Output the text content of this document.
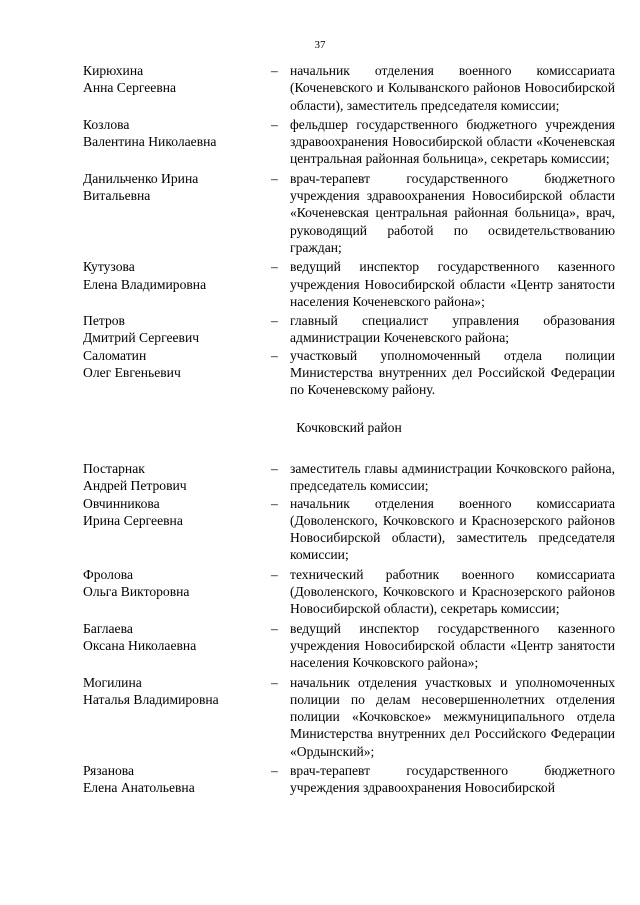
37
Кирюхина
Анна Сергеевна
– начальник отделения военного комиссариата (Коченевского и Колыванского районов Новосибирской области), заместитель председателя комиссии;
Козлова
Валентина Николаевна
– фельдшер государственного бюджетного учреждения здравоохранения Новосибирской области «Коченевская центральная районная больница», секретарь комиссии;
Данильченко Ирина
Витальевна
– врач-терапевт государственного бюджетного учреждения здравоохранения Новосибирской области «Коченевская центральная районная больница», врач, руководящий работой по освидетельствованию граждан;
Кутузова
Елена Владимировна
– ведущий инспектор государственного казенного учреждения Новосибирской области «Центр занятости населения Коченевского района»;
Петров
Дмитрий Сергеевич
– главный специалист управления образования администрации Коченевского района;
Саломатин
Олег Евгеньевич
– участковый уполномоченный отдела полиции Министерства внутренних дел Российской Федерации по Коченевскому району.
Кочковский район
Постарнак
Андрей Петрович
– заместитель главы администрации Кочковского района, председатель комиссии;
Овчинникова
Ирина Сергеевна
– начальник отделения военного комиссариата (Доволенского, Кочковского и Краснозерского районов Новосибирской области), заместитель председателя комиссии;
Фролова
Ольга Викторовна
– технический работник военного комиссариата (Доволенского, Кочковского и Краснозерского районов Новосибирской области), секретарь комиссии;
Баглаева
Оксана Николаевна
– ведущий инспектор государственного казенного учреждения Новосибирской области «Центр занятости населения Кочковского района»;
Могилина
Наталья Владимировна
– начальник отделения участковых и уполномоченных полиции по делам несовершеннолетних отделения полиции «Кочковское» межмуниципального отдела Министерства внутренних дел Российского Федерации «Ордынский»;
Рязанова
Елена Анатольевна
– врач-терапевт государственного бюджетного учреждения здравоохранения Новосибирской
